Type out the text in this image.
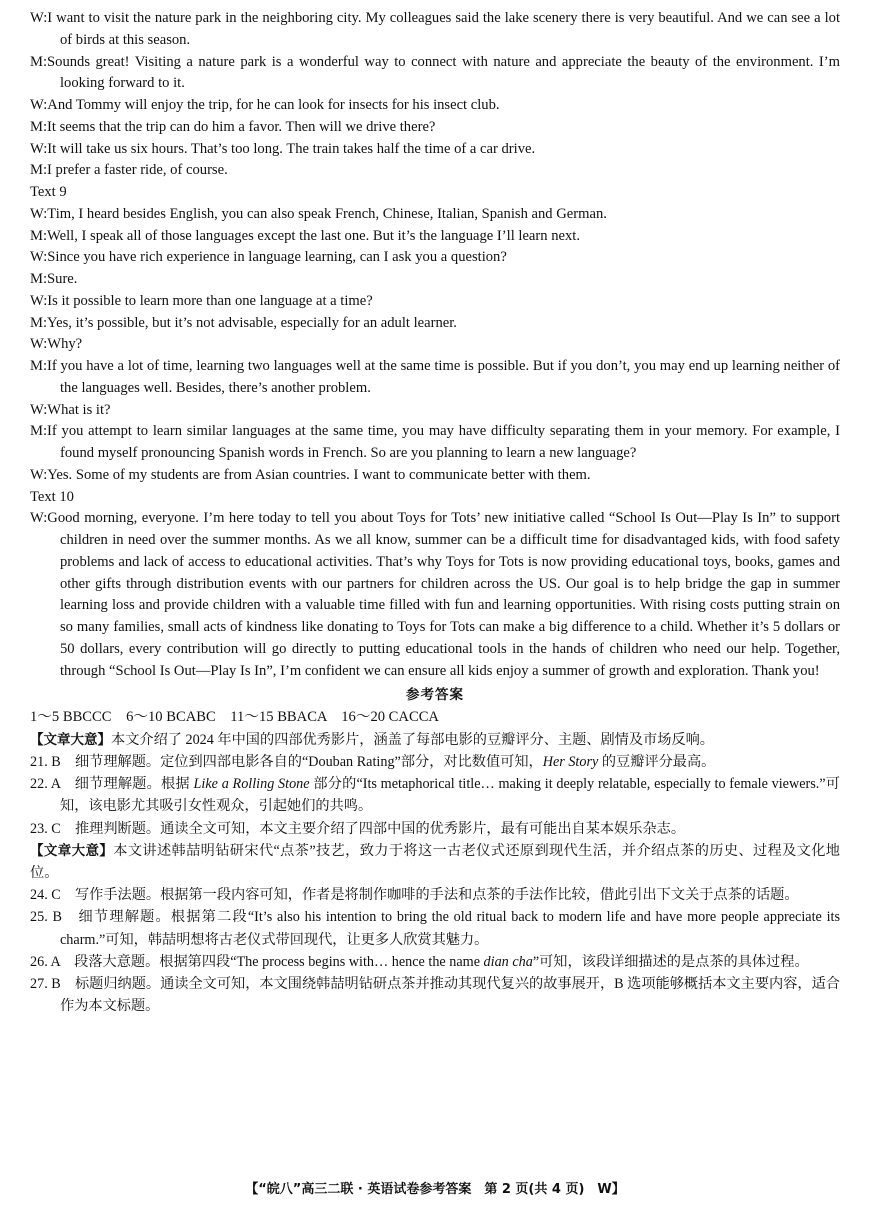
W:I want to visit the nature park in the neighboring city. My colleagues said the lake scenery there is very beautiful. And we can see a lot of birds at this season.
M:Sounds great! Visiting a nature park is a wonderful way to connect with nature and appreciate the beauty of the environment. I’m looking forward to it.
W:And Tommy will enjoy the trip, for he can look for insects for his insect club.
M:It seems that the trip can do him a favor. Then will we drive there?
W:It will take us six hours. That’s too long. The train takes half the time of a car drive.
M:I prefer a faster ride, of course.
Text 9
W:Tim, I heard besides English, you can also speak French, Chinese, Italian, Spanish and German.
M:Well, I speak all of those languages except the last one. But it’s the language I’ll learn next.
W:Since you have rich experience in language learning, can I ask you a question?
M:Sure.
W:Is it possible to learn more than one language at a time?
M:Yes, it’s possible, but it’s not advisable, especially for an adult learner.
W:Why?
M:If you have a lot of time, learning two languages well at the same time is possible. But if you don’t, you may end up learning neither of the languages well. Besides, there’s another problem.
W:What is it?
M:If you attempt to learn similar languages at the same time, you may have difficulty separating them in your memory. For example, I found myself pronouncing Spanish words in French. So are you planning to learn a new language?
W:Yes. Some of my students are from Asian countries. I want to communicate better with them.
Text 10
W:Good morning, everyone. I’m here today to tell you about Toys for Tots’ new initiative called “School Is Out—Play Is In” to support children in need over the summer months. As we all know, summer can be a difficult time for disadvantaged kids, with food safety problems and lack of access to educational activities. That’s why Toys for Tots is now providing educational toys, books, games and other gifts through distribution events with our partners for children across the US. Our goal is to help bridge the gap in summer learning loss and provide children with a valuable time filled with fun and learning opportunities. With rising costs putting strain on so many families, small acts of kindness like donating to Toys for Tots can make a big difference to a child. Whether it’s 5 dollars or 50 dollars, every contribution will go directly to putting educational tools in the hands of children who need our help. Together, through “School Is Out—Play Is In”, I’m confident we can ensure all kids enjoy a summer of growth and exploration. Thank you!
参考答案
1～5 BBCCC　6～10 BCABC　11～15 BBACA　16～20 CACCA
【文章大意】本文介绍了 2024 年中国的四部优秀影片，涵盖了每部电影的豆瓣评分、主题、剧情及市场反响。
21. B　细节理解题。定位到四部电影各自的“Douban Rating”部分，对比数值可知，Her Story 的豆瓣评分最高。
22. A　细节理解题。根据 Like a Rolling Stone 部分的“Its metaphorical title… making it deeply relatable, especially to female viewers.”可知，该电影尤其吸引女性观众，引起她们的共鸣。
23. C　推理判断题。通读全文可知，本文主要介绍了四部中国的优秀影片，最有可能出自某本娱乐杂志。
【文章大意】本文讲述韩喆明钻研宋代“点茶”技艺，致力于将这一古老仪式还原到现代生活，并介绍点茶的历史、过程及文化地位。
24. C　写作手法题。根据第一段内容可知，作者是将制作咖啡的手法和点茶的手法作比较，借此引出下文关于点茶的话题。
25. B　细节理解题。根据第二段“It’s also his intention to bring the old ritual back to modern life and have more people appreciate its charm.”可知，韩喆明想将古老仪式带回现代，让更多人欣赏其魅力。
26. A　段落大意题。根据第四段“The process begins with… hence the name dian cha”可知，该段详细描述的是点茶的具体过程。
27. B　标题归纳题。通读全文可知，本文围绕韩喆明钻研点茶并推动其现代复兴的故事展开，B 选项能够概括本文主要内容，适合作为本文标题。
【“皖八”高三二联 · 英语试卷参考答案　第 2 页(共 4 页)　W】
